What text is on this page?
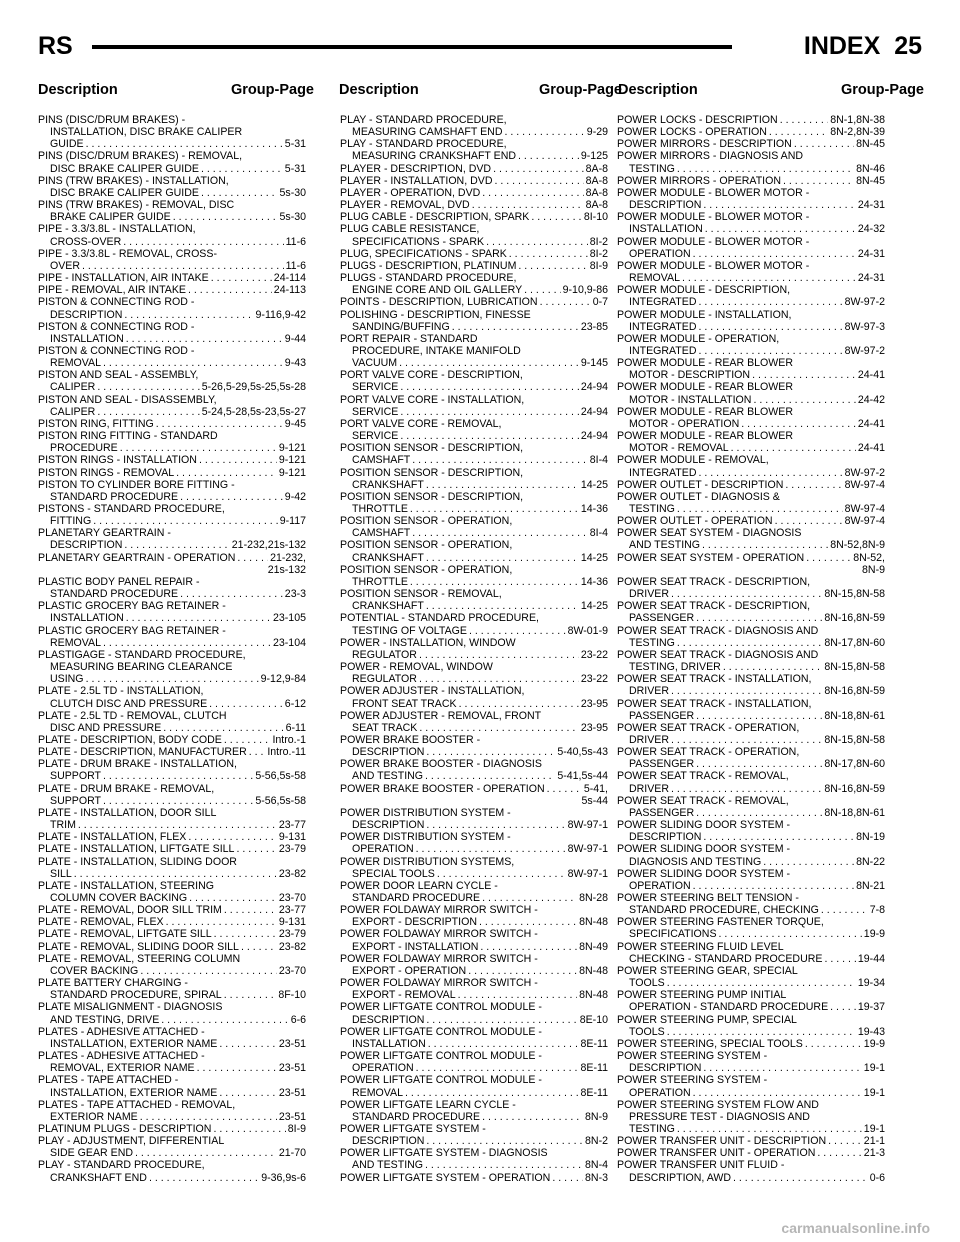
RS	INDEX 25
Description	Group-Page Description	Group-Page
Description	Group-Page
PINS (DISC/DRUM BRAKES) -
INSTALLATION, DISC BRAKE CALIPER
GUIDE . . .	5-31
PINS (DISC/DRUM BRAKES) - REMOVAL,
DISC BRAKE CALIPER GUIDE . . .	5-31
PINS (TRW BRAKES) - INSTALLATION,
DISC BRAKE CALIPER GUIDE . . .	5s-30
PINS (TRW BRAKES) - REMOVAL, DISC
BRAKE CALIPER GUIDE . . .	5s-30
PIPE - 3.3/3.8L - INSTALLATION,
CROSS-OVER . . .	11-6
PIPE - 3.3/3.8L - REMOVAL, CROSS-
OVER . . .	11-6
PIPE - INSTALLATION, AIR INTAKE . . .	24-114
PIPE - REMOVAL, AIR INTAKE . . .	24-113
PISTON & CONNECTING ROD -
DESCRIPTION . . .	9-116,9-42
PISTON & CONNECTING ROD -
INSTALLATION . . .	9-44
PISTON & CONNECTING ROD -
REMOVAL . . .	9-43
PISTON AND SEAL - ASSEMBLY,
CALIPER . . .	5-26,5-29,5s-25,5s-28
PISTON AND SEAL - DISASSEMBLY,
CALIPER . . .	5-24,5-28,5s-23,5s-27
PISTON RING, FITTING . . .	9-45
PISTON RING FITTING - STANDARD
PROCEDURE . . .	9-121
PISTON RINGS - INSTALLATION . . .	9-121
PISTON RINGS - REMOVAL . . .	9-121
PISTON TO CYLINDER BORE FITTING -
STANDARD PROCEDURE . . .	9-42
PISTONS - STANDARD PROCEDURE,
FITTING . . .	9-117
PLANETARY GEARTRAIN -
DESCRIPTION . . .	21-232,21s-132
PLANETARY GEARTRAIN - OPERATION . . .	21-232,
21s-132
PLASTIC BODY PANEL REPAIR -
STANDARD PROCEDURE . . .	23-3
PLASTIC GROCERY BAG RETAINER -
INSTALLATION . . .	23-105
PLASTIC GROCERY BAG RETAINER -
REMOVAL . . .	23-104
PLASTIGAGE - STANDARD PROCEDURE,
MEASURING BEARING CLEARANCE
USING . . .	9-12,9-84
PLATE - 2.5L TD - INSTALLATION,
CLUTCH DISC AND PRESSURE . . .	6-12
PLATE - 2.5L TD - REMOVAL, CLUTCH
DISC AND PRESSURE . . .	6-11
PLATE - DESCRIPTION, BODY CODE . . .	Intro.-1
PLATE - DESCRIPTION, MANUFACTURER . . . Intro.-11
PLATE - DRUM BRAKE - INSTALLATION,
SUPPORT . . .	5-56,5s-58
PLATE - DRUM BRAKE - REMOVAL,
SUPPORT . . .	5-56,5s-58
PLATE - INSTALLATION, DOOR SILL
TRIM . . .	23-77
PLATE - INSTALLATION, FLEX . . .	9-131
PLATE - INSTALLATION, LIFTGATE SILL . . .	23-79
PLATE - INSTALLATION, SLIDING DOOR
SILL . . .	23-82
PLATE - INSTALLATION, STEERING
COLUMN COVER BACKING . . .	23-70
PLATE - REMOVAL, DOOR SILL TRIM . . .	23-77
PLATE - REMOVAL, FLEX . . .	9-131
PLATE - REMOVAL, LIFTGATE SILL . . .	23-79
PLATE - REMOVAL, SLIDING DOOR SILL . . .	23-82
PLATE - REMOVAL, STEERING COLUMN
COVER BACKING . . .	23-70
PLATE BATTERY CHARGING -
STANDARD PROCEDURE, SPIRAL . . .	8F-10
PLATE MISALIGNMENT - DIAGNOSIS
AND TESTING, DRIVE . . .	6-6
PLATES - ADHESIVE ATTACHED -
INSTALLATION, EXTERIOR NAME . . .	23-51
PLATES - ADHESIVE ATTACHED -
REMOVAL, EXTERIOR NAME . . .	23-51
PLATES - TAPE ATTACHED -
INSTALLATION, EXTERIOR NAME . . .	23-51
PLATES - TAPE ATTACHED - REMOVAL,
EXTERIOR NAME . . .	23-51
PLATINUM PLUGS - DESCRIPTION . . .	8I-9
PLAY - ADJUSTMENT, DIFFERENTIAL
SIDE GEAR END . . .	21-70
PLAY - STANDARD PROCEDURE,
CRANKSHAFT END . . .	9-36,9s-6
PLAY - STANDARD PROCEDURE,
MEASURING CAMSHAFT END . . .	9-29
PLAY - STANDARD PROCEDURE,
MEASURING CRANKSHAFT END . . .	9-125
PLAYER - DESCRIPTION, DVD . . .	8A-8
PLAYER - INSTALLATION, DVD . . .	8A-8
PLAYER - OPERATION, DVD . . .	8A-8
PLAYER - REMOVAL, DVD . . .	8A-8
PLUG CABLE - DESCRIPTION, SPARK . . .	8I-10
PLUG CABLE RESISTANCE,
SPECIFICATIONS - SPARK . . .	8I-2
PLUG, SPECIFICATIONS - SPARK . . .	8I-2
PLUGS - DESCRIPTION, PLATINUM . . .	8I-9
PLUGS - STANDARD PROCEDURE,
ENGINE CORE AND OIL GALLERY . . .	9-10,9-86
POINTS - DESCRIPTION, LUBRICATION . . .	0-7
POLISHING - DESCRIPTION, FINESSE
SANDING/BUFFING . . .	23-85
PORT REPAIR - STANDARD
PROCEDURE, INTAKE MANIFOLD
VACUUM . . .	9-145
PORT VALVE CORE - DESCRIPTION,
SERVICE . . .	24-94
PORT VALVE CORE - INSTALLATION,
SERVICE . . .	24-94
PORT VALVE CORE - REMOVAL,
SERVICE . . .	24-94
POSITION SENSOR - DESCRIPTION,
CAMSHAFT . . .	8I-4
POSITION SENSOR - DESCRIPTION,
CRANKSHAFT . . .	14-25
POSITION SENSOR - DESCRIPTION,
THROTTLE . . .	14-36
POSITION SENSOR - OPERATION,
CAMSHAFT . . .	8I-4
POSITION SENSOR - OPERATION,
CRANKSHAFT . . .	14-25
POSITION SENSOR - OPERATION,
THROTTLE . . .	14-36
POSITION SENSOR - REMOVAL,
CRANKSHAFT . . .	14-25
POTENTIAL - STANDARD PROCEDURE,
TESTING OF VOLTAGE . . .	8W-01-9
POWER - INSTALLATION, WINDOW
REGULATOR . . .	23-22
POWER - REMOVAL, WINDOW
REGULATOR . . .	23-22
POWER ADJUSTER - INSTALLATION,
FRONT SEAT TRACK . . .	23-95
POWER ADJUSTER - REMOVAL, FRONT
SEAT TRACK . . .	23-95
POWER BRAKE BOOSTER -
DESCRIPTION . . .	5-40,5s-43
POWER BRAKE BOOSTER - DIAGNOSIS
AND TESTING . . .	5-41,5s-44
POWER BRAKE BOOSTER - OPERATION . . .	5-41,
5s-44
POWER DISTRIBUTION SYSTEM -
DESCRIPTION . . .	8W-97-1
POWER DISTRIBUTION SYSTEM -
OPERATION . . .	8W-97-1
POWER DISTRIBUTION SYSTEMS,
SPECIAL TOOLS . . .	8W-97-1
POWER DOOR LEARN CYCLE -
STANDARD PROCEDURE . . .	8N-28
POWER FOLDAWAY MIRROR SWITCH -
EXPORT - DESCRIPTION . . .	8N-48
POWER FOLDAWAY MIRROR SWITCH -
EXPORT - INSTALLATION . . .	8N-49
POWER FOLDAWAY MIRROR SWITCH -
EXPORT - OPERATION . . .	8N-48
POWER FOLDAWAY MIRROR SWITCH -
EXPORT - REMOVAL . . .	8N-48
POWER LIFTGATE CONTROL MODULE -
DESCRIPTION . . .	8E-10
POWER LIFTGATE CONTROL MODULE -
INSTALLATION . . .	8E-11
POWER LIFTGATE CONTROL MODULE -
OPERATION . . .	8E-11
POWER LIFTGATE CONTROL MODULE -
REMOVAL . . .	8E-11
POWER LIFTGATE LEARN CYCLE -
STANDARD PROCEDURE . . .	8N-9
POWER LIFTGATE SYSTEM -
DESCRIPTION . . .	8N-2
POWER LIFTGATE SYSTEM - DIAGNOSIS
AND TESTING . . .	8N-4
POWER LIFTGATE SYSTEM - OPERATION . . .	8N-3
POWER LOCKS - DESCRIPTION . . .	8N-1,8N-38
POWER LOCKS - OPERATION . . .	8N-2,8N-39
POWER MIRRORS - DESCRIPTION . . .	8N-45
POWER MIRRORS - DIAGNOSIS AND
TESTING . . .	8N-46
POWER MIRRORS - OPERATION . . .	8N-45
POWER MODULE - BLOWER MOTOR -
DESCRIPTION . . .	24-31
POWER MODULE - BLOWER MOTOR -
INSTALLATION . . .	24-32
POWER MODULE - BLOWER MOTOR -
OPERATION . . .	24-31
POWER MODULE - BLOWER MOTOR -
REMOVAL . . .	24-31
POWER MODULE - DESCRIPTION,
INTEGRATED . . .	8W-97-2
POWER MODULE - INSTALLATION,
INTEGRATED . . .	8W-97-3
POWER MODULE - OPERATION,
INTEGRATED . . .	8W-97-2
POWER MODULE - REAR BLOWER
MOTOR - DESCRIPTION . . .	24-41
POWER MODULE - REAR BLOWER
MOTOR - INSTALLATION . . .	24-42
POWER MODULE - REAR BLOWER
MOTOR - OPERATION . . .	24-41
POWER MODULE - REAR BLOWER
MOTOR - REMOVAL . . .	24-41
POWER MODULE - REMOVAL,
INTEGRATED . . .	8W-97-2
POWER OUTLET - DESCRIPTION . . .	8W-97-4
POWER OUTLET - DIAGNOSIS &
TESTING . . .	8W-97-4
POWER OUTLET - OPERATION . . .	8W-97-4
POWER SEAT SYSTEM - DIAGNOSIS
AND TESTING . . .	8N-52,8N-9
POWER SEAT SYSTEM - OPERATION . . .	8N-52,
8N-9
POWER SEAT TRACK - DESCRIPTION,
DRIVER . . .	8N-15,8N-58
POWER SEAT TRACK - DESCRIPTION,
PASSENGER . . .	8N-16,8N-59
POWER SEAT TRACK - DIAGNOSIS AND
TESTING . . .	8N-17,8N-60
POWER SEAT TRACK - DIAGNOSIS AND
TESTING, DRIVER . . .	8N-15,8N-58
POWER SEAT TRACK - INSTALLATION,
DRIVER . . .	8N-16,8N-59
POWER SEAT TRACK - INSTALLATION,
PASSENGER . . .	8N-18,8N-61
POWER SEAT TRACK - OPERATION,
DRIVER . . .	8N-15,8N-58
POWER SEAT TRACK - OPERATION,
PASSENGER . . .	8N-17,8N-60
POWER SEAT TRACK - REMOVAL,
DRIVER . . .	8N-16,8N-59
POWER SEAT TRACK - REMOVAL,
PASSENGER . . .	8N-18,8N-61
POWER SLIDING DOOR SYSTEM -
DESCRIPTION . . .	8N-19
POWER SLIDING DOOR SYSTEM -
DIAGNOSIS AND TESTING . . .	8N-22
POWER SLIDING DOOR SYSTEM -
OPERATION . . .	8N-21
POWER STEERING BELT TENSION -
STANDARD PROCEDURE, CHECKING . . .	7-8
POWER STEERING FASTENER TORQUE,
SPECIFICATIONS . . .	19-9
POWER STEERING FLUID LEVEL
CHECKING - STANDARD PROCEDURE . . .	19-44
POWER STEERING GEAR, SPECIAL
TOOLS . . .	19-34
POWER STEERING PUMP INITIAL
OPERATION - STANDARD PROCEDURE . . .	19-37
POWER STEERING PUMP, SPECIAL
TOOLS . . .	19-43
POWER STEERING, SPECIAL TOOLS . . .	19-9
POWER STEERING SYSTEM -
DESCRIPTION . . .	19-1
POWER STEERING SYSTEM -
OPERATION . . .	19-1
POWER STEERING SYSTEM FLOW AND
PRESSURE TEST - DIAGNOSIS AND
TESTING . . .	19-1
POWER TRANSFER UNIT - DESCRIPTION . . .	21-1
POWER TRANSFER UNIT - OPERATION . . .	21-3
POWER TRANSFER UNIT FLUID -
DESCRIPTION, AWD . . .	0-6
carmanualsonline.info
